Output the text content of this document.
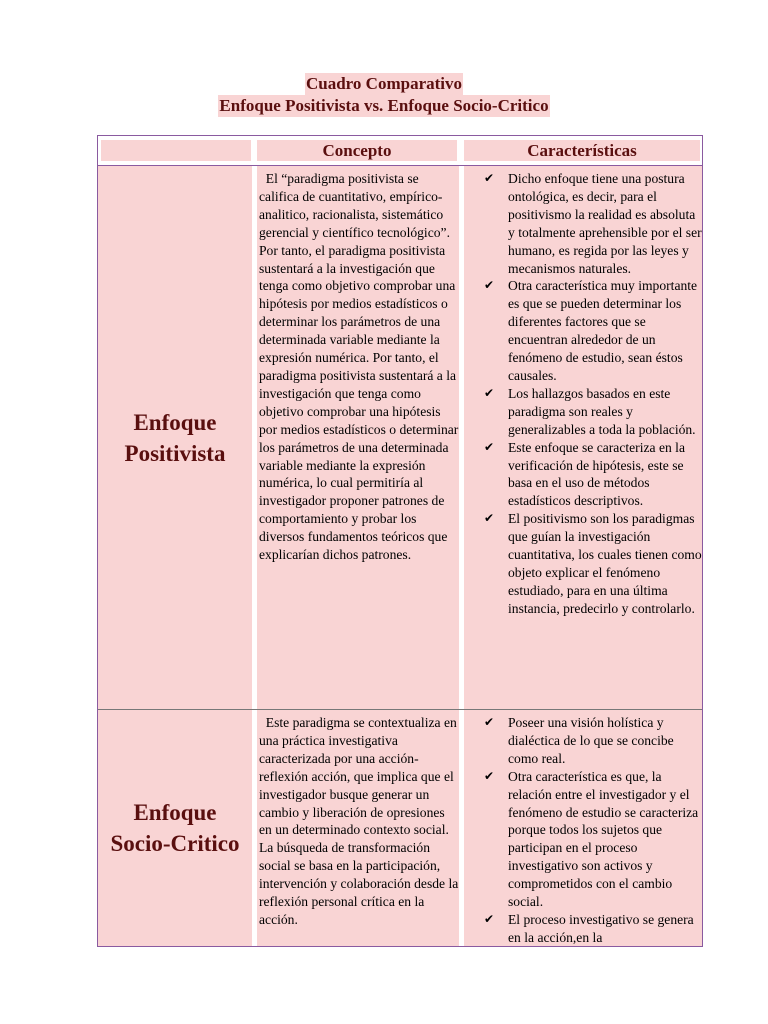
Cuadro Comparativo
Enfoque Positivista vs. Enfoque Socio-Critico
Concepto	Características
Enfoque
Positivista

El “paradigma positivista se califica de cuantitativo, empírico-analitico, racionalista, sistemático gerencial y científico tecnológico”. Por tanto, el paradigma positivista sustentará a la investigación que tenga como objetivo comprobar una hipótesis por medios estadísticos o determinar los parámetros de una determinada variable mediante la expresión numérica. Por tanto, el paradigma positivista sustentará a la investigación que tenga como objetivo comprobar una hipótesis por medios estadísticos o determinar los parámetros de una determinada variable mediante la expresión numérica, lo cual permitiría al investigador proponer patrones de comportamiento y probar los diversos fundamentos teóricos que explicarían dichos patrones.

✔ Dicho enfoque tiene una postura ontológica, es decir, para el positivismo la realidad es absoluta y totalmente aprehensible por el ser humano, es regida por las leyes y mecanismos naturales.
✔ Otra característica muy importante es que se pueden determinar los diferentes factores que se encuentran alrededor de un fenómeno de estudio, sean éstos causales.
✔ Los hallazgos basados en este paradigma son reales y generalizables a toda la población.
✔ Este enfoque se caracteriza en la verificación de hipótesis, este se basa en el uso de métodos estadísticos descriptivos.
✔ El positivismo son los paradigmas que guían la investigación cuantitativa, los cuales tienen como objeto explicar el fenómeno estudiado, para en una última instancia, predecirlo y controlarlo.
Enfoque
Socio-Critico

Este paradigma se contextualiza en una práctica investigativa caracterizada por una acción-reflexión acción, que implica que el investigador busque generar un cambio y liberación de opresiones en un determinado contexto social. La búsqueda de transformación social se basa en la participación, intervención y colaboración desde la reflexión personal crítica en la acción.

✔ Poseer una visión holística y dialéctica de lo que se concibe como real.
✔ Otra característica es que, la relación entre el investigador y el fenómeno de estudio se caracteriza porque todos los sujetos que participan en el proceso investigativo son activos y comprometidos con el cambio social.
✔ El proceso investigativo se genera en la acción,en la
